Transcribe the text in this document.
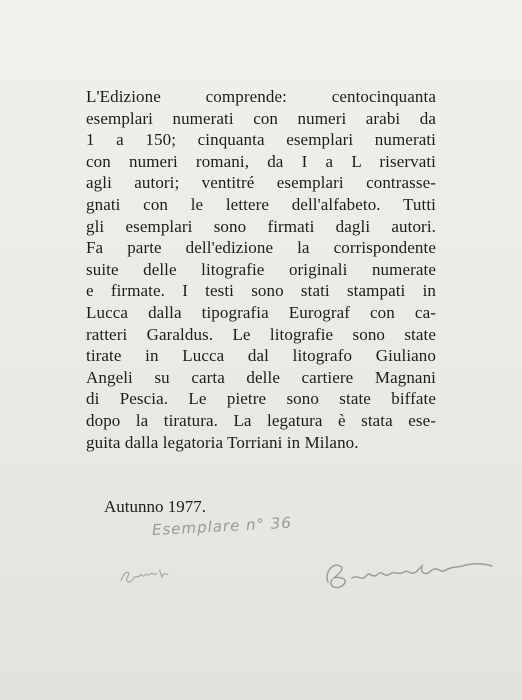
L'Edizione comprende: centocinquanta
esemplari numerati con numeri arabi da
1 a 150; cinquanta esemplari numerati
con numeri romani, da I a L riservati
agli autori; ventitré esemplari contrasse-
gnati con le lettere dell'alfabeto. Tutti
gli esemplari sono firmati dagli autori.
Fa parte dell'edizione la corrispondente
suite delle litografie originali numerate
e firmate. I testi sono stati stampati in
Lucca dalla tipografia Eurograf con ca-
ratteri Garaldus. Le litografie sono state
tirate in Lucca dal litografo Giuliano
Angeli su carta delle cartiere Magnani
di Pescia. Le pietre sono state biffate
dopo la tiratura. La legatura è stata ese-
guita dalla legatoria Torriani in Milano.
Autunno 1977.
Esemplare n° 36
